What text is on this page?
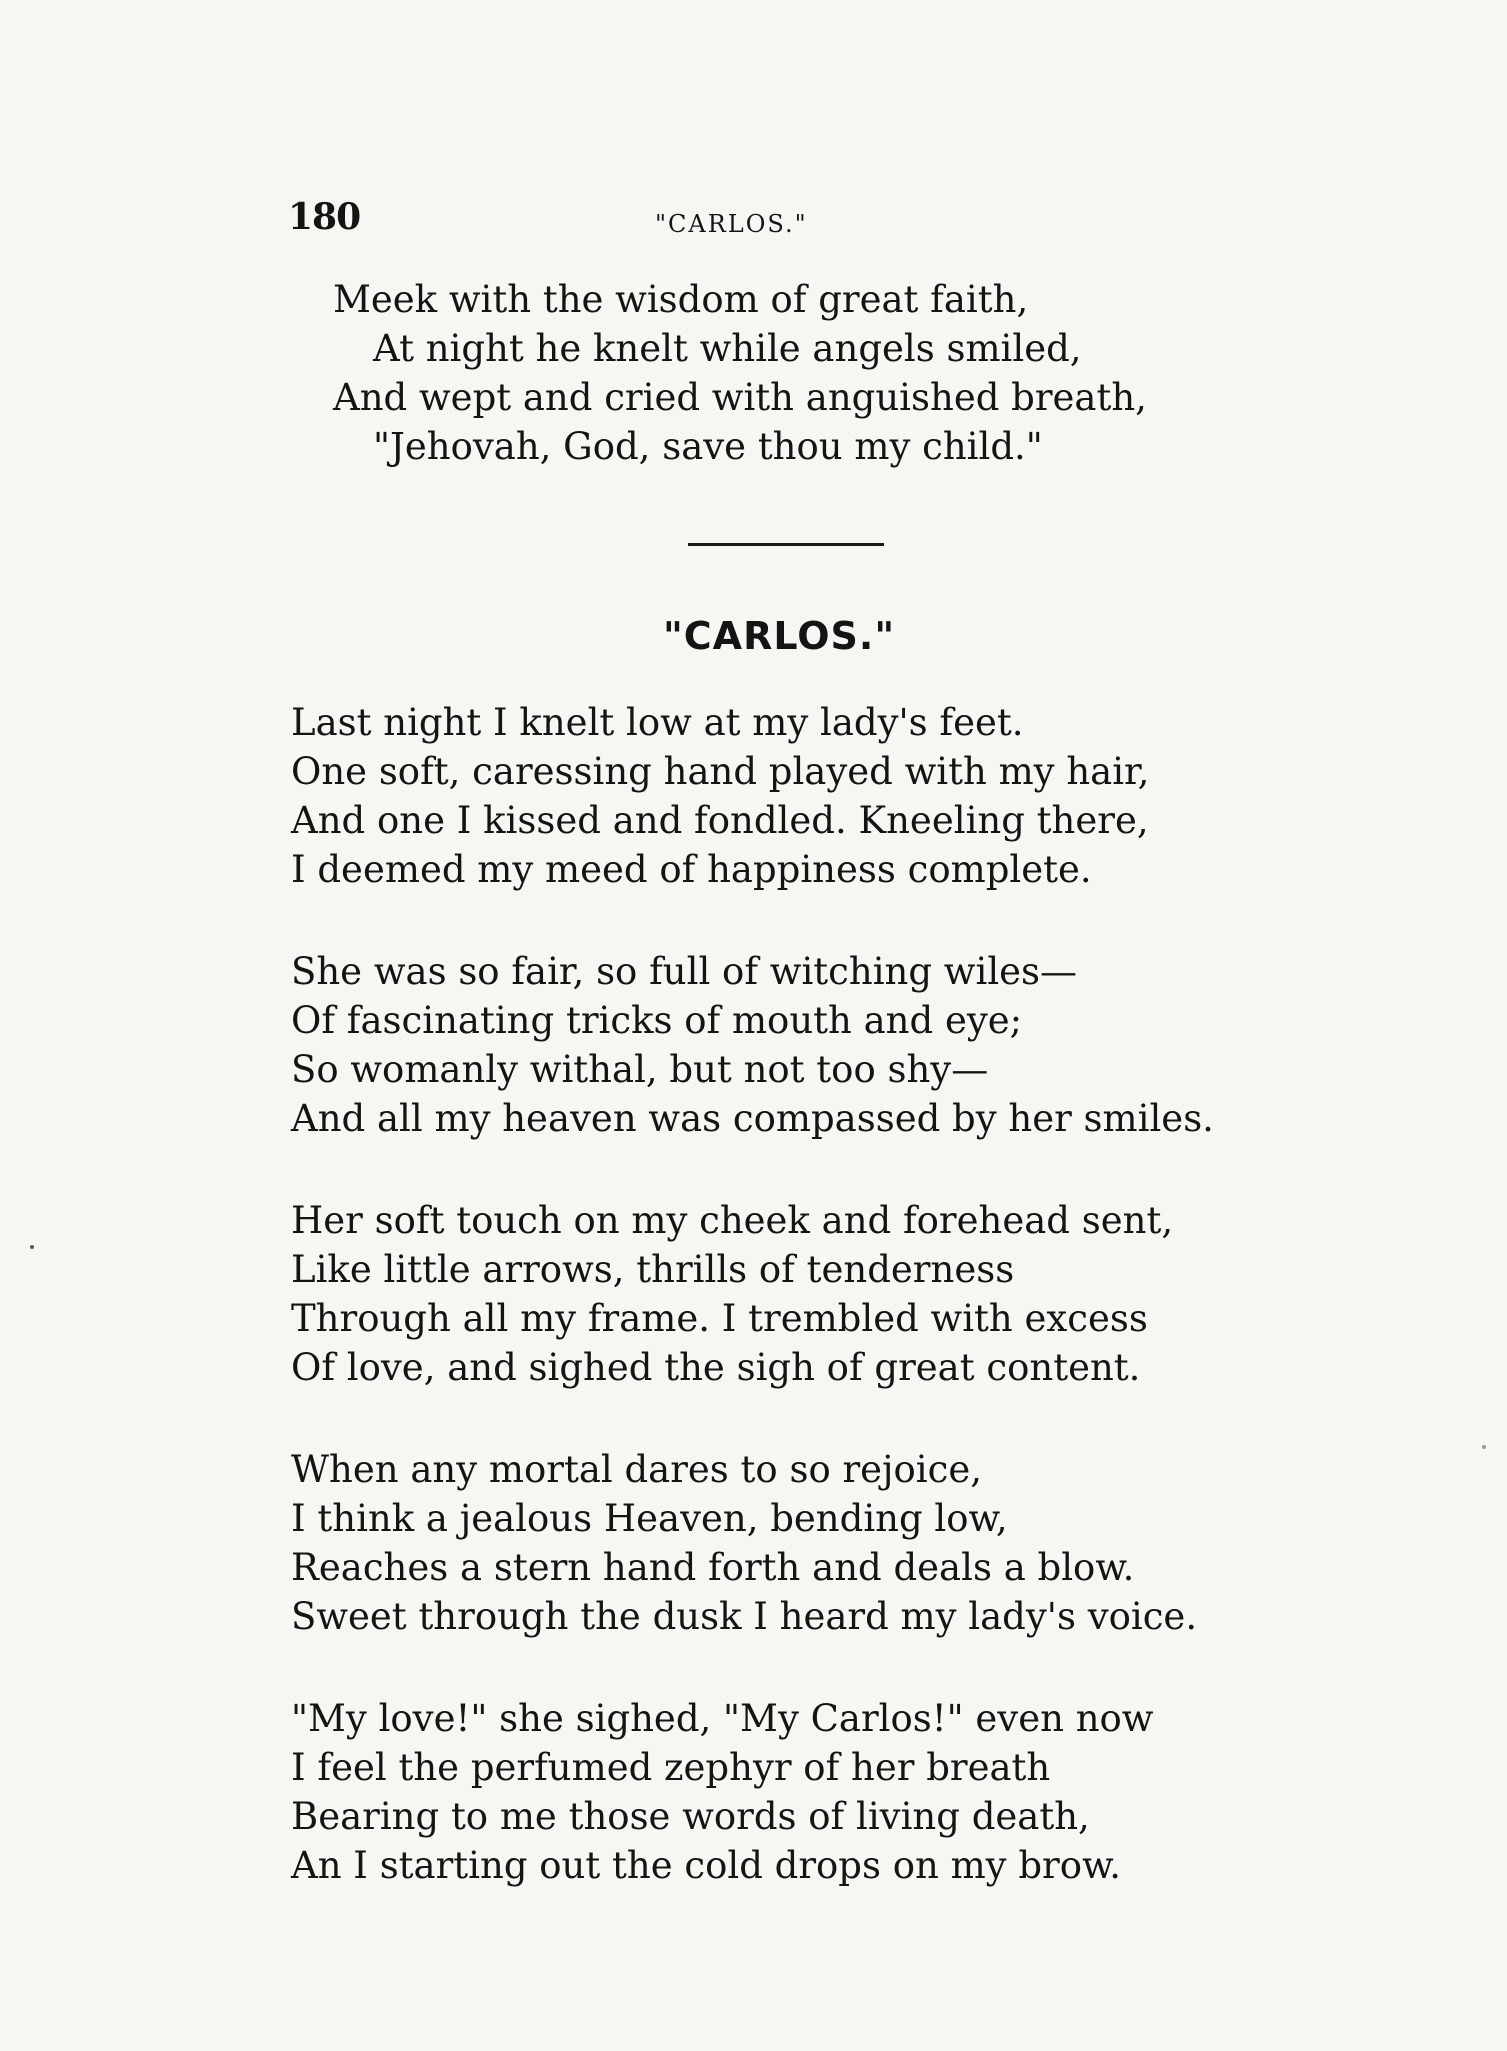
180	"CARLOS."
Meek with the wisdom of great faith,
At night he knelt while angels smiled,
And wept and cried with anguished breath,
"Jehovah, God, save thou my child."
"CARLOS."
Last night I knelt low at my lady's feet.
One soft, caressing hand played with my hair,
And one I kissed and fondled. Kneeling there,
I deemed my meed of happiness complete.
She was so fair, so full of witching wiles—
Of fascinating tricks of mouth and eye;
So womanly withal, but not too shy—
And all my heaven was compassed by her smiles.
Her soft touch on my cheek and forehead sent,
Like little arrows, thrills of tenderness
Through all my frame. I trembled with excess
Of love, and sighed the sigh of great content.
When any mortal dares to so rejoice,
I think a jealous Heaven, bending low,
Reaches a stern hand forth and deals a blow.
Sweet through the dusk I heard my lady's voice.
"My love!" she sighed, "My Carlos!" even now
I feel the perfumed zephyr of her breath
Bearing to me those words of living death,
An I starting out the cold drops on my brow.
